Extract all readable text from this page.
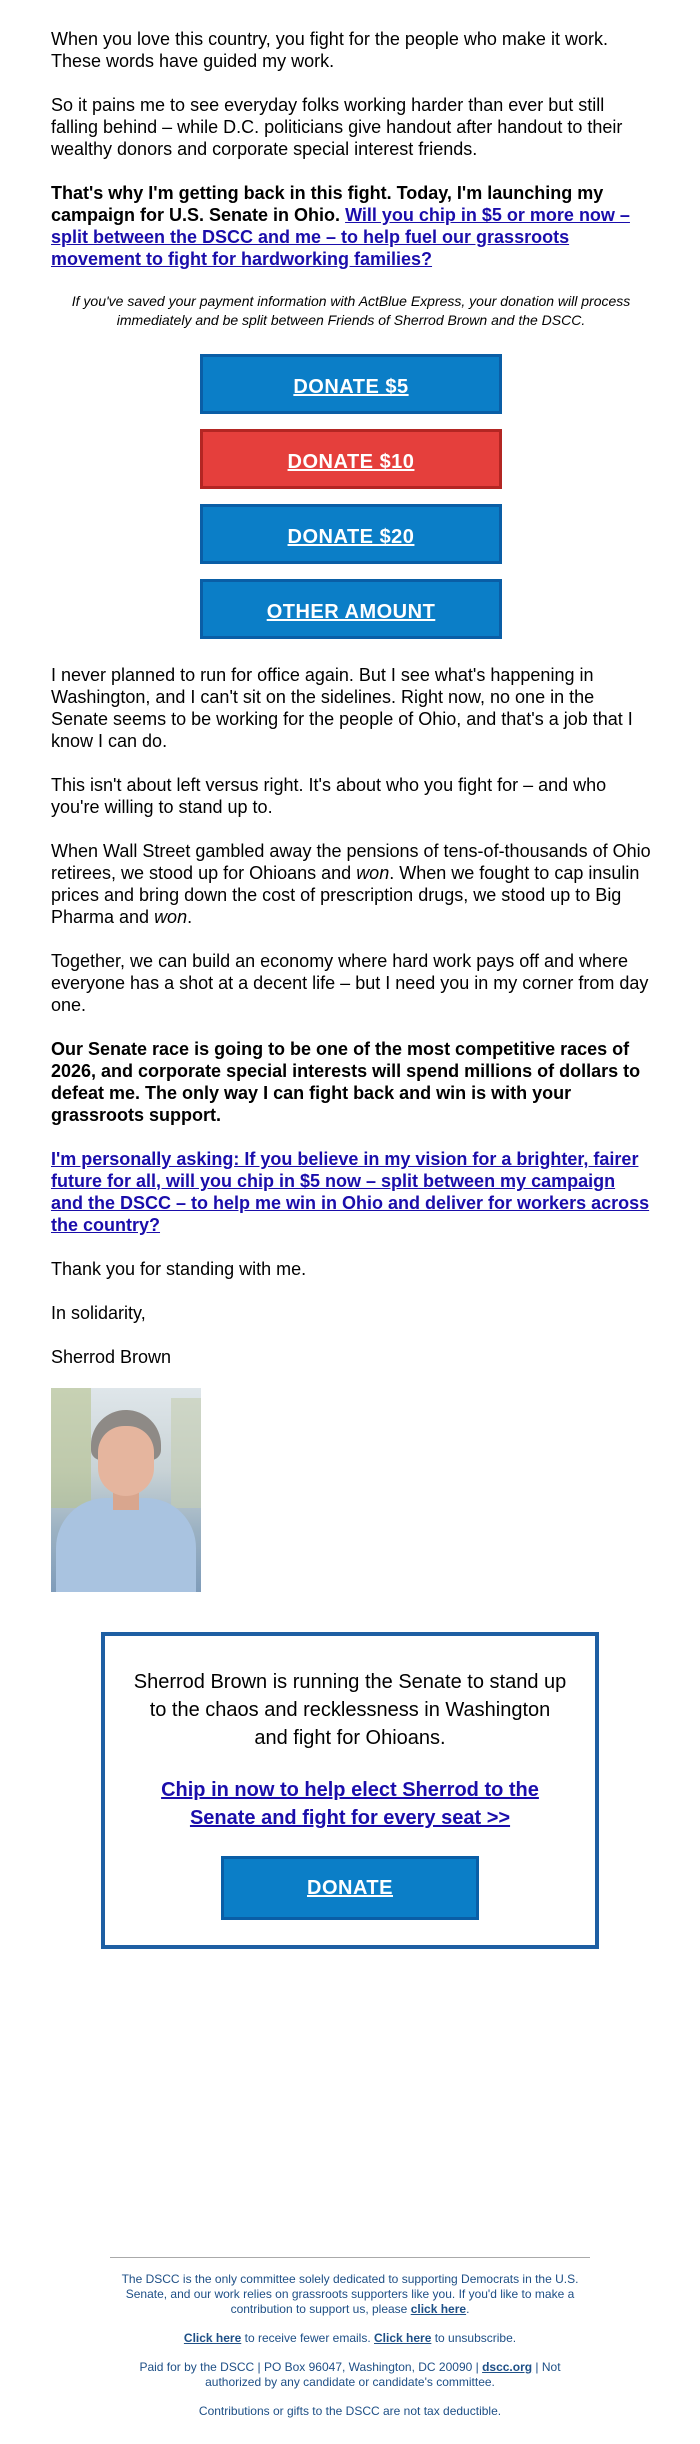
When you love this country, you fight for the people who make it work. These words have guided my work.

So it pains me to see everyday folks working harder than ever but still falling behind – while D.C. politicians give handout after handout to their wealthy donors and corporate special interest friends.

That's why I'm getting back in this fight. Today, I'm launching my campaign for U.S. Senate in Ohio. Will you chip in $5 or more now – split between the DSCC and me – to help fuel our grassroots movement to fight for hardworking families?

If you've saved your payment information with ActBlue Express, your donation will process immediately and be split between Friends of Sherrod Brown and the DSCC.

DONATE $5
DONATE $10
DONATE $20
OTHER AMOUNT

I never planned to run for office again. But I see what's happening in Washington, and I can't sit on the sidelines. Right now, no one in the Senate seems to be working for the people of Ohio, and that's a job that I know I can do.

This isn't about left versus right. It's about who you fight for – and who you're willing to stand up to.

When Wall Street gambled away the pensions of tens-of-thousands of Ohio retirees, we stood up for Ohioans and won. When we fought to cap insulin prices and bring down the cost of prescription drugs, we stood up to Big Pharma and won.

Together, we can build an economy where hard work pays off and where everyone has a shot at a decent life – but I need you in my corner from day one.

Our Senate race is going to be one of the most competitive races of 2026, and corporate special interests will spend millions of dollars to defeat me. The only way I can fight back and win is with your grassroots support.

I'm personally asking: If you believe in my vision for a brighter, fairer future for all, will you chip in $5 now – split between my campaign and the DSCC – to help me win in Ohio and deliver for workers across the country?

Thank you for standing with me.

In solidarity,

Sherrod Brown

Sherrod Brown is running the Senate to stand up to the chaos and recklessness in Washington and fight for Ohioans.

Chip in now to help elect Sherrod to the Senate and fight for every seat >>
DONATE

The DSCC is the only committee solely dedicated to supporting Democrats in the U.S. Senate, and our work relies on grassroots supporters like you. If you'd like to make a contribution to support us, please click here.

Click here to receive fewer emails. Click here to unsubscribe.

Paid for by the DSCC | PO Box 96047, Washington, DC 20090 | dscc.org | Not authorized by any candidate or candidate's committee.

Contributions or gifts to the DSCC are not tax deductible.
